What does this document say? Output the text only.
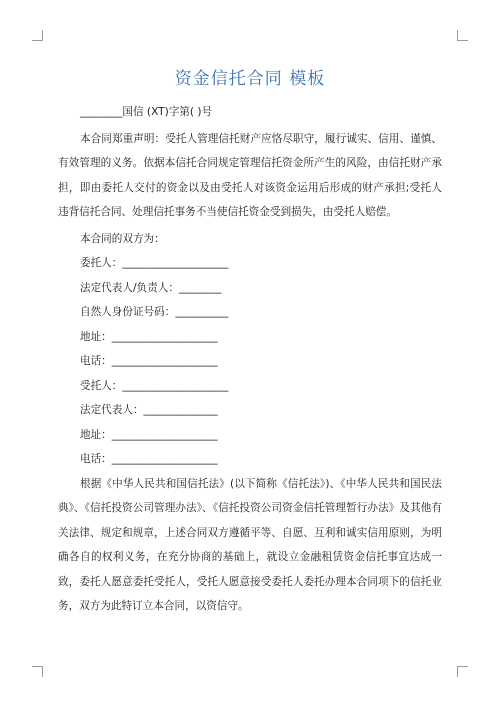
资金信托合同 模板
________国信 (XT)字第( )号
本合同郑重声明：受托人管理信托财产应恪尽职守，履行诚实、信用、谨慎、有效管理的义务。依据本信托合同规定管理信托资金所产生的风险，由信托财产承担，即由委托人交付的资金以及由受托人对该资金运用后形成的财产承担;受托人违背信托合同、处理信托事务不当使信托资金受到损失，由受托人赔偿。
本合同的双方为：
委托人：____________________
法定代表人/负责人：________
自然人身份证号码：__________
地址：____________________
电话：____________________
受托人：____________________
法定代表人：______________
地址：____________________
电话：____________________
根据《中华人民共和国信托法》(以下简称《信托法》)、《中华人民共和国民法典》、《信托投资公司管理办法》、《信托投资公司资金信托管理暂行办法》及其他有关法律、规定和规章，上述合同双方遵循平等、自愿、互利和诚实信用原则，为明确各自的权利义务，在充分协商的基础上，就设立金融租赁资金信托事宜达成一致，委托人愿意委托受托人，受托人愿意接受委托人委托办理本合同项下的信托业务，双方为此特订立本合同，以资信守。
